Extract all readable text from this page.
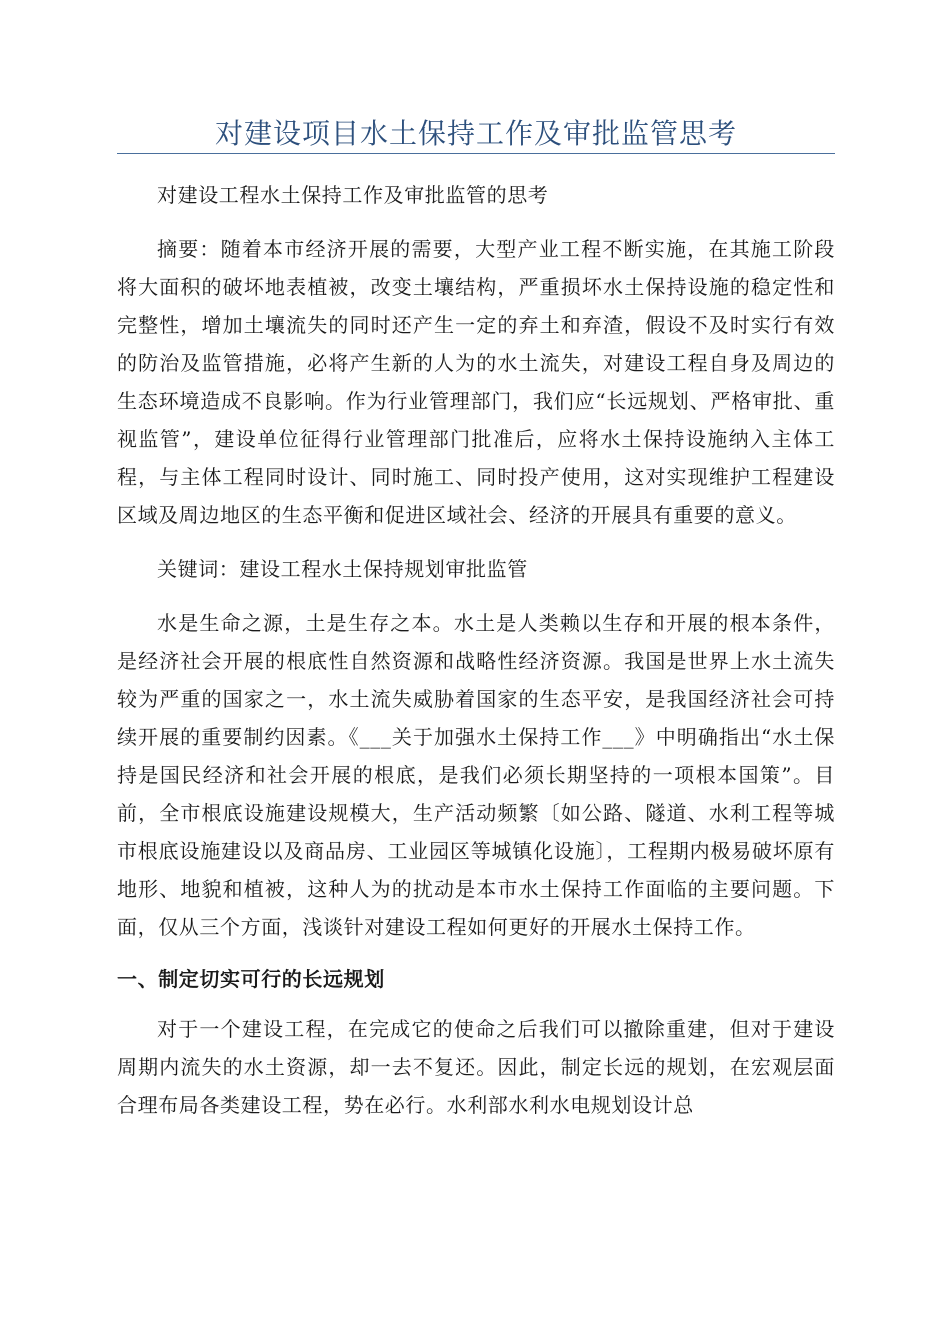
对建设项目水土保持工作及审批监管思考

对建设工程水土保持工作及审批监管的思考

摘要：随着本市经济开展的需要，大型产业工程不断实施，在其施工阶段将大面积的破坏地表植被，改变土壤结构，严重损坏水土保持设施的稳定性和完整性，增加土壤流失的同时还产生一定的弃土和弃渣，假设不及时实行有效的防治及监管措施，必将产生新的人为的水土流失，对建设工程自身及周边的生态环境造成不良影响。作为行业管理部门，我们应“长远规划、严格审批、重视监管”，建设单位征得行业管理部门批准后，应将水土保持设施纳入主体工程，与主体工程同时设计、同时施工、同时投产使用，这对实现维护工程建设区域及周边地区的生态平衡和促进区域社会、经济的开展具有重要的意义。

关键词：建设工程水土保持规划审批监管

水是生命之源，土是生存之本。水土是人类赖以生存和开展的根本条件，是经济社会开展的根底性自然资源和战略性经济资源。我国是世界上水土流失较为严重的国家之一，水土流失威胁着国家的生态平安，是我国经济社会可持续开展的重要制约因素。《___关于加强水土保持工作___》中明确指出“水土保持是国民经济和社会开展的根底，是我们必须长期坚持的一项根本国策”。目前，全市根底设施建设规模大，生产活动频繁〔如公路、隧道、水利工程等城市根底设施建设以及商品房、工业园区等城镇化设施〕，工程期内极易破坏原有地形、地貌和植被，这种人为的扰动是本市水土保持工作面临的主要问题。下面，仅从三个方面，浅谈针对建设工程如何更好的开展水土保持工作。

一、制定切实可行的长远规划

对于一个建设工程，在完成它的使命之后我们可以撤除重建，但对于建设周期内流失的水土资源，却一去不复还。因此，制定长远的规划，在宏观层面合理布局各类建设工程，势在必行。水利部水利水电规划设计总
